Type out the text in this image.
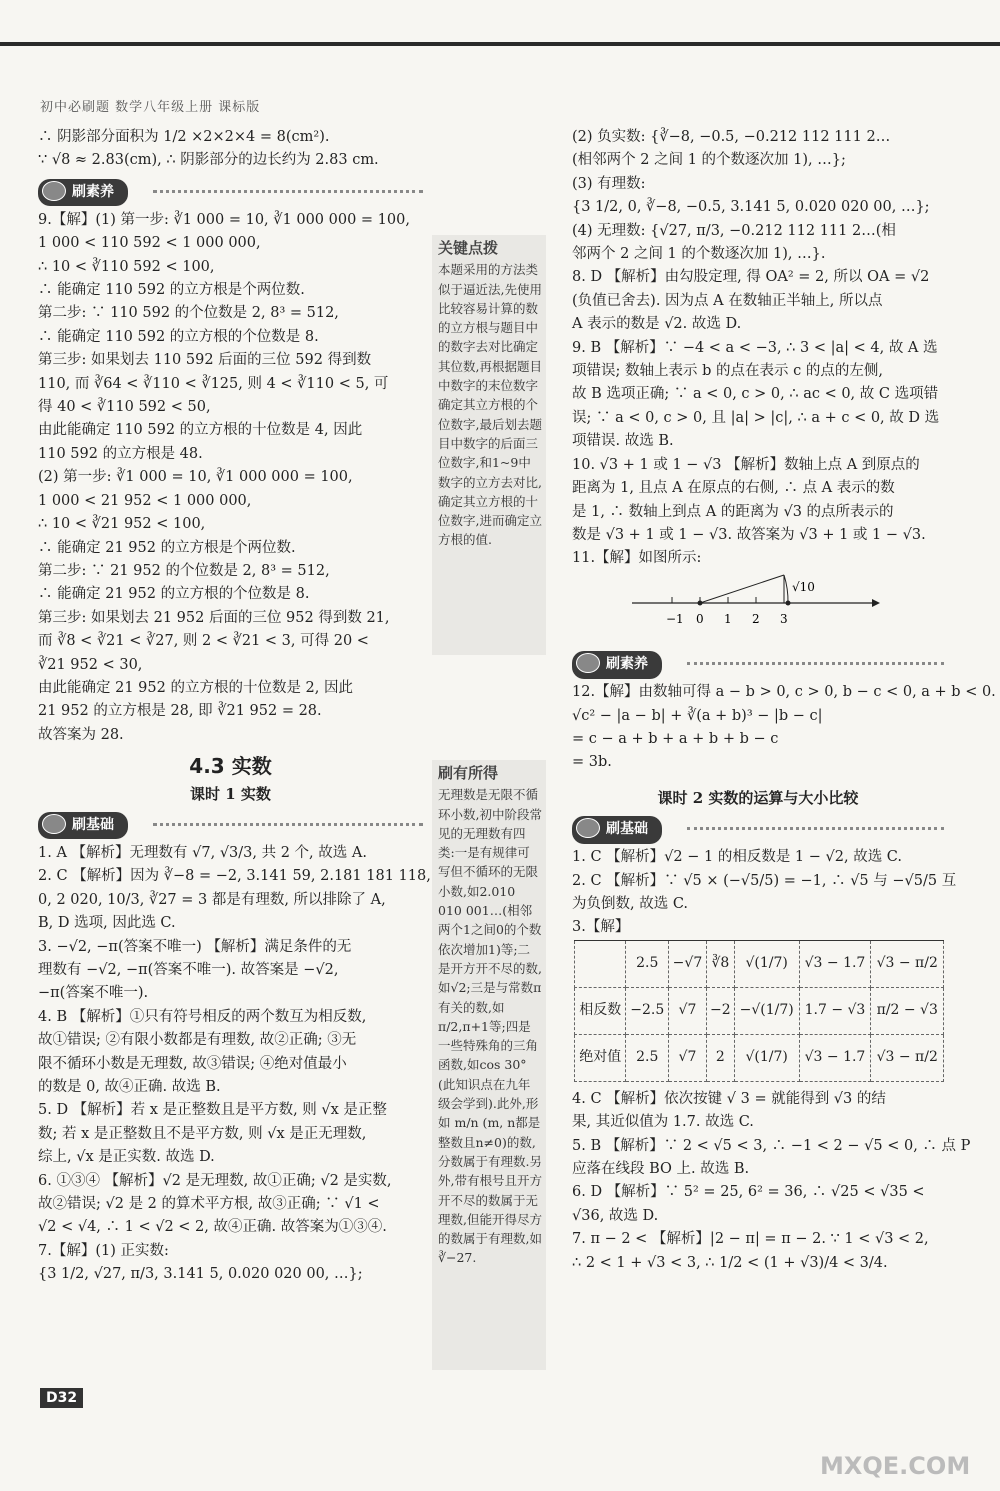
初中必刷题 数学八年级上册 课标版

∴ 阴影部分面积为 1/2 ×2×2×4 = 8(cm²).

∵ √8 ≈ 2.83(cm), ∴ 阴影部分的边长约为 2.83 cm.

刷素养

9.【解】(1) 第一步: ∛1 000 = 10, ∛1 000 000 = 100,

1 000 < 110 592 < 1 000 000,

∴ 10 < ∛110 592 < 100,

∴ 能确定 110 592 的立方根是个两位数.

第二步: ∵ 110 592 的个位数是 2, 8³ = 512,

∴ 能确定 110 592 的立方根的个位数是 8.

第三步: 如果划去 110 592 后面的三位 592 得到数

110, 而 ∛64 < ∛110 < ∛125, 则 4 < ∛110 < 5, 可

得 40 < ∛110 592 < 50,

由此能确定 110 592 的立方根的十位数是 4, 因此

110 592 的立方根是 48.

(2) 第一步: ∛1 000 = 10, ∛1 000 000 = 100,

1 000 < 21 952 < 1 000 000,

∴ 10 < ∛21 952 < 100,

∴ 能确定 21 952 的立方根是个两位数.

第二步: ∵ 21 952 的个位数是 2, 8³ = 512,

∴ 能确定 21 952 的立方根的个位数是 8.

第三步: 如果划去 21 952 后面的三位 952 得到数 21,

而 ∛8 < ∛21 < ∛27, 则 2 < ∛21 < 3, 可得 20 <

∛21 952 < 30,

由此能确定 21 952 的立方根的十位数是 2, 因此

21 952 的立方根是 28, 即 ∛21 952 = 28.

故答案为 28.

4.3 实数
课时 1 实数
刷基础

1. A 【解析】无理数有 √7, √3/3, 共 2 个, 故选 A.

2. C 【解析】因为 ∛−8 = −2, 3.141 59, 2.181 181 118,

0, 2 020, 10/3, ∛27 = 3 都是有理数, 所以排除了 A,

B, D 选项, 因此选 C.

3. −√2, −π(答案不唯一) 【解析】满足条件的无

理数有 −√2, −π(答案不唯一). 故答案是 −√2,

−π(答案不唯一).

4. B 【解析】①只有符号相反的两个数互为相反数,

故①错误; ②有限小数都是有理数, 故②正确; ③无

限不循环小数是无理数, 故③错误; ④绝对值最小

的数是 0, 故④正确. 故选 B.

5. D 【解析】若 x 是正整数且是平方数, 则 √x 是正整

数; 若 x 是正整数且不是平方数, 则 √x 是正无理数,

综上, √x 是正实数. 故选 D.

6. ①③④ 【解析】√2 是无理数, 故①正确; √2 是实数,

故②错误; √2 是 2 的算术平方根, 故③正确; ∵ √1 <

√2 < √4, ∴ 1 < √2 < 2, 故④正确. 故答案为①③④.

7.【解】(1) 正实数:

{3 1/2, √27, π/3, 3.141 5, 0.020 020 00, …};

关键点拨
本题采用的方法类似于逼近法,先使用比较容易计算的数的立方根与题目中的数字去对比确定其位数,再根据题目中数字的末位数字确定其立方根的个位数字,最后划去题目中数字的后面三位数字,和1~9中数字的立方去对比,确定其立方根的十位数字,进而确定立方根的值.
刷有所得
无理数是无限不循环小数,初中阶段常见的无理数有四类:一是有规律可写但不循环的无限小数,如2.010 010 001…(相邻两个1之间0的个数依次增加1)等;二是开方开不尽的数,如√2;三是与常数π有关的数,如π/2,π+1等;四是一些特殊角的三角函数,如cos 30°(此知识点在九年级会学到).此外,形如 m/n (m, n都是整数且n≠0)的数,分数属于有理数.另外,带有根号且开方开不尽的数属于无理数,但能开得尽方的数属于有理数,如∛−27.

(2) 负实数: {∛−8, −0.5, −0.212 112 111 2…

(相邻两个 2 之间 1 的个数逐次加 1), …};

(3) 有理数:

{3 1/2, 0, ∛−8, −0.5, 3.141 5, 0.020 020 00, …};

(4) 无理数: {√27, π/3, −0.212 112 111 2…(相

邻两个 2 之间 1 的个数逐次加 1), …}.

8. D 【解析】由勾股定理, 得 OA² = 2, 所以 OA = √2

(负值已舍去). 因为点 A 在数轴正半轴上, 所以点

A 表示的数是 √2. 故选 D.

9. B 【解析】∵ −4 < a < −3, ∴ 3 < |a| < 4, 故 A 选

项错误; 数轴上表示 b 的点在表示 c 的点的左侧,

故 B 选项正确; ∵ a < 0, c > 0, ∴ ac < 0, 故 C 选项错

误; ∵ a < 0, c > 0, 且 |a| > |c|, ∴ a + c < 0, 故 D 选

项错误. 故选 B.

10. √3 + 1 或 1 − √3 【解析】数轴上点 A 到原点的

距离为 1, 且点 A 在原点的右侧, ∴ 点 A 表示的数

是 1, ∴ 数轴上到点 A 的距离为 √3 的点所表示的

数是 √3 + 1 或 1 − √3. 故答案为 √3 + 1 或 1 − √3.

11.【解】如图所示:

−1 0 1 2 3
√10
刷素养

12.【解】由数轴可得 a − b > 0, c > 0, b − c < 0, a + b < 0.

√c² − |a − b| + ∛(a + b)³ − |b − c|

= c − a + b + a + b + b − c

= 3b.

课时 2 实数的运算与大小比较
刷基础

1. C 【解析】√2 − 1 的相反数是 1 − √2, 故选 C.

2. C 【解析】∵ √5 × (−√5/5) = −1, ∴ √5 与 −√5/5 互

为负倒数, 故选 C.

3.【解】

	2.5	−√7	∛8	√(1/7)	√3 − 1.7	√3 − π/2
相反数	−2.5	√7	−2	−√(1/7)	1.7 − √3	π/2 − √3
绝对值	2.5	√7	2	√(1/7)	√3 − 1.7	√3 − π/2

4. C 【解析】依次按键 √ 3 = 就能得到 √3 的结

果, 其近似值为 1.7. 故选 C.

5. B 【解析】∵ 2 < √5 < 3, ∴ −1 < 2 − √5 < 0, ∴ 点 P

应落在线段 BO 上. 故选 B.

6. D 【解析】∵ 5² = 25, 6² = 36, ∴ √25 < √35 <

√36, 故选 D.

7. π − 2 < 【解析】|2 − π| = π − 2. ∵ 1 < √3 < 2,

∴ 2 < 1 + √3 < 3, ∴ 1/2 < (1 + √3)/4 < 3/4.

D32
MXQE.COM
